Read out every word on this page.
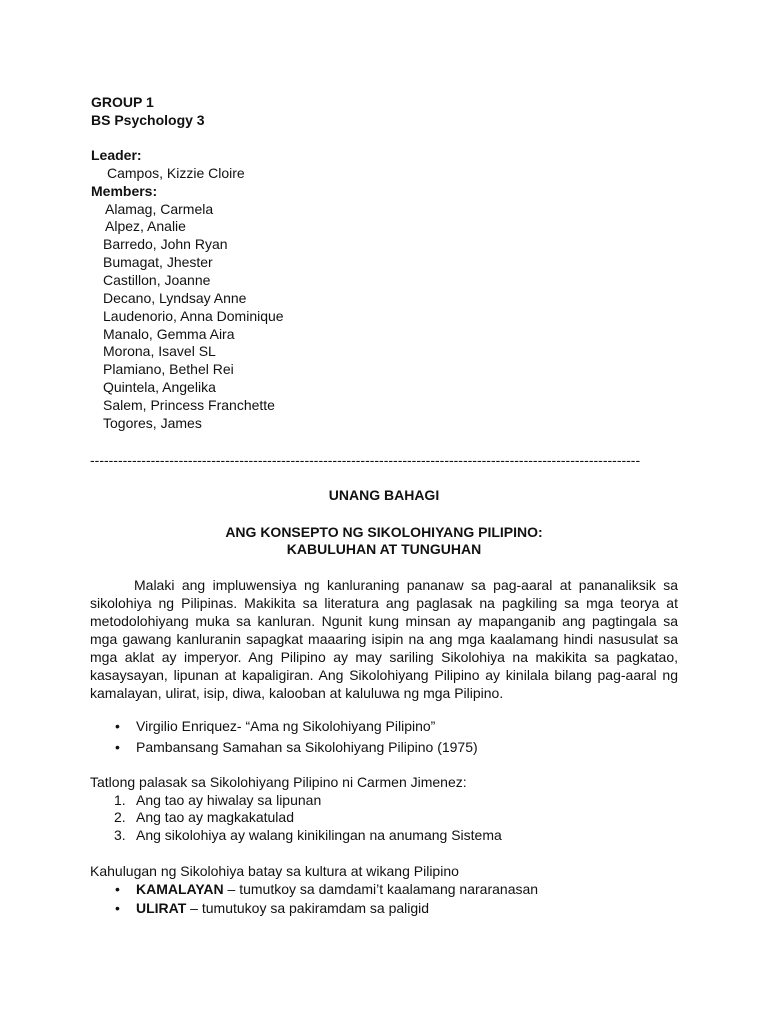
GROUP 1
BS Psychology 3
Leader:
Campos, Kizzie Cloire
Members:
Alamag, Carmela
Alpez, Analie
Barredo, John Ryan
Bumagat, Jhester
Castillon, Joanne
Decano, Lyndsay Anne
Laudenorio, Anna Dominique
Manalo, Gemma Aira
Morona, Isavel SL
Plamiano, Bethel Rei
Quintela, Angelika
Salem, Princess Franchette
Togores, James
----------------------------------------------------------------------------------------------------------------------
UNANG BAHAGI
ANG KONSEPTO NG SIKOLOHIYANG PILIPINO:
KABULUHAN AT TUNGUHAN
Malaki ang impluwensiya ng kanluraning pananaw sa pag-aaral at pananaliksik sa sikolohiya ng Pilipinas. Makikita sa literatura ang paglasak na pagkiling sa mga teorya at metodolohiyang muka sa kanluran. Ngunit kung minsan ay mapanganib ang pagtingala sa mga gawang kanluranin sapagkat maaaring isipin na ang mga kaalamang hindi nasusulat sa mga aklat ay imperyor. Ang Pilipino ay may sariling Sikolohiya na makikita sa pagkatao, kasaysayan, lipunan at kapaligiran. Ang Sikolohiyang Pilipino ay kinilala bilang pag-aaral ng kamalayan, ulirat, isip, diwa, kalooban at kaluluwa ng mga Pilipino.
• Virgilio Enriquez- “Ama ng Sikolohiyang Pilipino”
• Pambansang Samahan sa Sikolohiyang Pilipino (1975)
Tatlong palasak sa Sikolohiyang Pilipino ni Carmen Jimenez:
1. Ang tao ay hiwalay sa lipunan
2. Ang tao ay magkakatulad
3. Ang sikolohiya ay walang kinikilingan na anumang Sistema
Kahulugan ng Sikolohiya batay sa kultura at wikang Pilipino
• KAMALAYAN – tumutkoy sa damdami’t kaalamang nararanasan
• ULIRAT – tumutukoy sa pakiramdam sa paligid
